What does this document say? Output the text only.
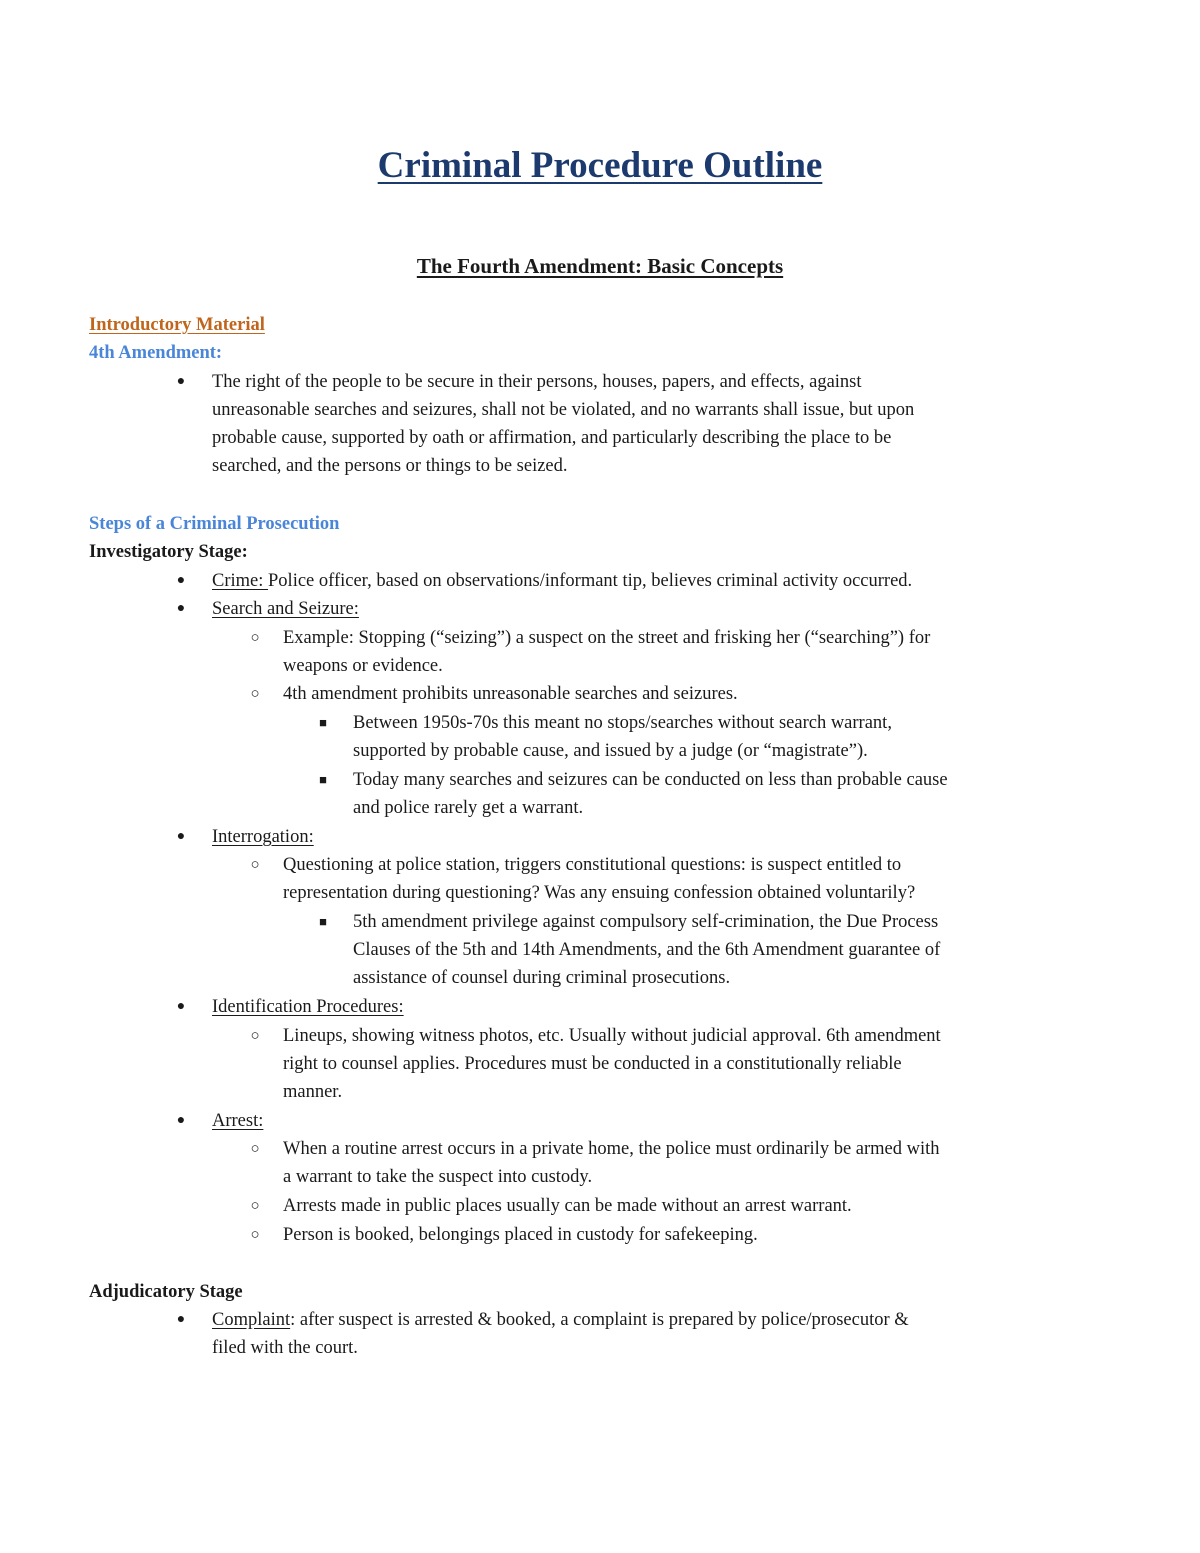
Criminal Procedure Outline
The Fourth Amendment: Basic Concepts
Introductory Material
4th Amendment:
● The right of the people to be secure in their persons, houses, papers, and effects, against
unreasonable searches and seizures, shall not be violated, and no warrants shall issue, but upon
probable cause, supported by oath or affirmation, and particularly describing the place to be
searched, and the persons or things to be seized.
Steps of a Criminal Prosecution
Investigatory Stage:
● Crime: Police officer, based on observations/informant tip, believes criminal activity occurred.
● Search and Seizure:
○ Example: Stopping (“seizing”) a suspect on the street and frisking her (“searching”) for
weapons or evidence.
○ 4th amendment prohibits unreasonable searches and seizures.
■ Between 1950s-70s this meant no stops/searches without search warrant,
supported by probable cause, and issued by a judge (or “magistrate”).
■ Today many searches and seizures can be conducted on less than probable cause
and police rarely get a warrant.
● Interrogation:
○ Questioning at police station, triggers constitutional questions: is suspect entitled to
representation during questioning? Was any ensuing confession obtained voluntarily?
■ 5th amendment privilege against compulsory self-crimination, the Due Process
Clauses of the 5th and 14th Amendments, and the 6th Amendment guarantee of
assistance of counsel during criminal prosecutions.
● Identification Procedures:
○ Lineups, showing witness photos, etc. Usually without judicial approval. 6th amendment
right to counsel applies. Procedures must be conducted in a constitutionally reliable
manner.
● Arrest:
○ When a routine arrest occurs in a private home, the police must ordinarily be armed with
a warrant to take the suspect into custody.
○ Arrests made in public places usually can be made without an arrest warrant.
○ Person is booked, belongings placed in custody for safekeeping.
Adjudicatory Stage
● Complaint: after suspect is arrested & booked, a complaint is prepared by police/prosecutor &
filed with the court.
